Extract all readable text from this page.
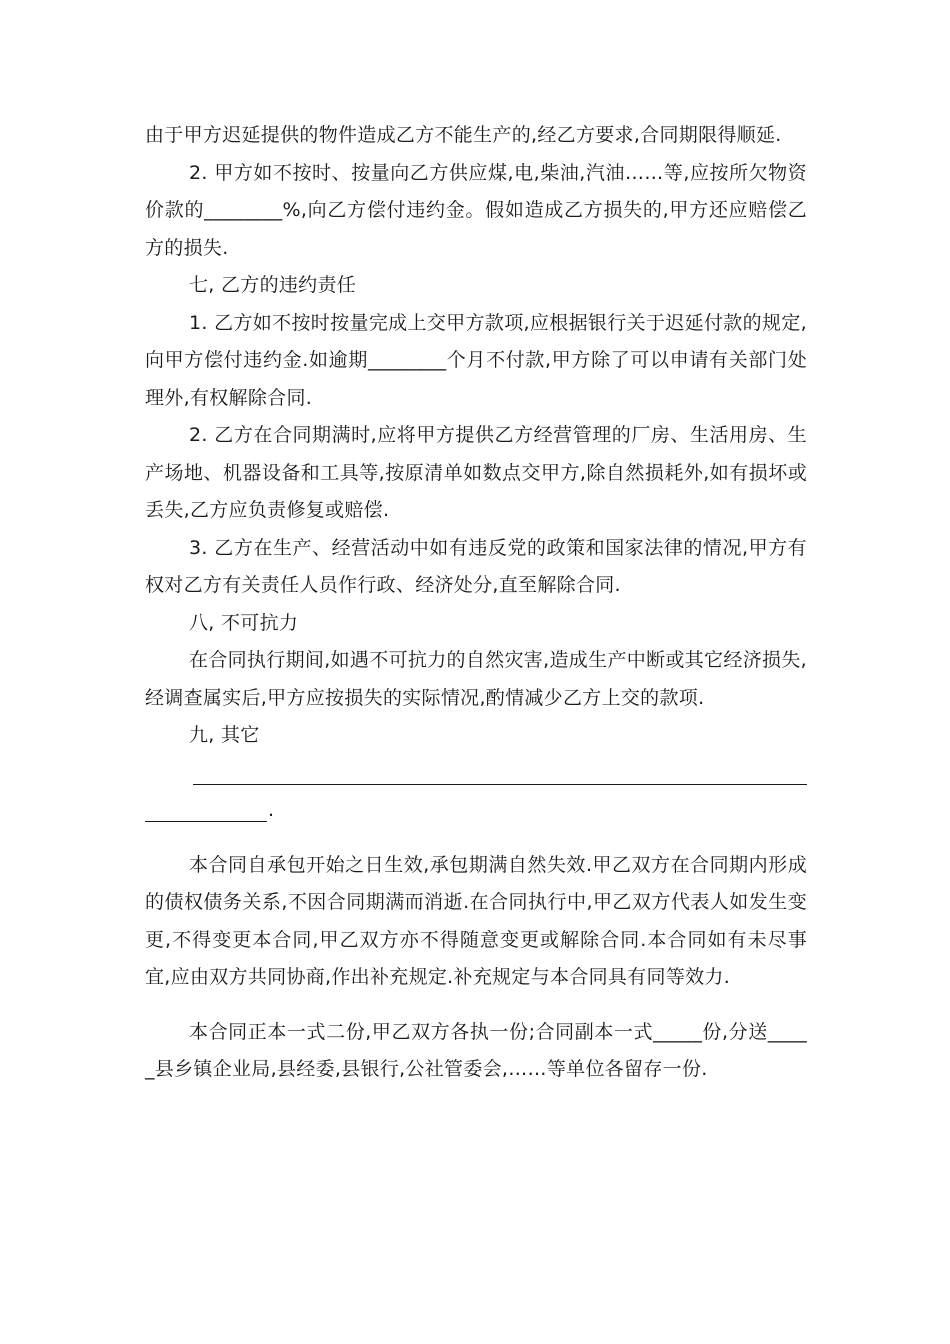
由于甲方迟延提供的物件造成乙方不能生产的,经乙方要求,合同期限得顺延.

2. 甲方如不按时、按量向乙方供应煤,电,柴油,汽油……等,应按所欠物资价款的________%,向乙方偿付违约金。假如造成乙方损失的,甲方还应赔偿乙方的损失.

七, 乙方的违约责任

1. 乙方如不按时按量完成上交甲方款项,应根据银行关于迟延付款的规定,向甲方偿付违约金.如逾期________个月不付款,甲方除了可以申请有关部门处理外,有权解除合同.

2. 乙方在合同期满时,应将甲方提供乙方经营管理的厂房、生活用房、生产场地、机器设备和工具等,按原清单如数点交甲方,除自然损耗外,如有损坏或丢失,乙方应负责修复或赔偿.

3. 乙方在生产、经营活动中如有违反党的政策和国家法律的情况,甲方有权对乙方有关责任人员作行政、经济处分,直至解除合同.

八, 不可抗力

在合同执行期间,如遇不可抗力的自然灾害,造成生产中断或其它经济损失,经调查属实后,甲方应按损失的实际情况,酌情减少乙方上交的款项.

九, 其它

.

本合同自承包开始之日生效,承包期满自然失效.甲乙双方在合同期内形成的债权债务关系,不因合同期满而消逝.在合同执行中,甲乙双方代表人如发生变更,不得变更本合同,甲乙双方亦不得随意变更或解除合同.本合同如有未尽事宜,应由双方共同协商,作出补充规定.补充规定与本合同具有同等效力.

本合同正本一式二份,甲乙双方各执一份;合同副本一式_____份,分送_____县乡镇企业局,县经委,县银行,公社管委会,……等单位各留存一份.
